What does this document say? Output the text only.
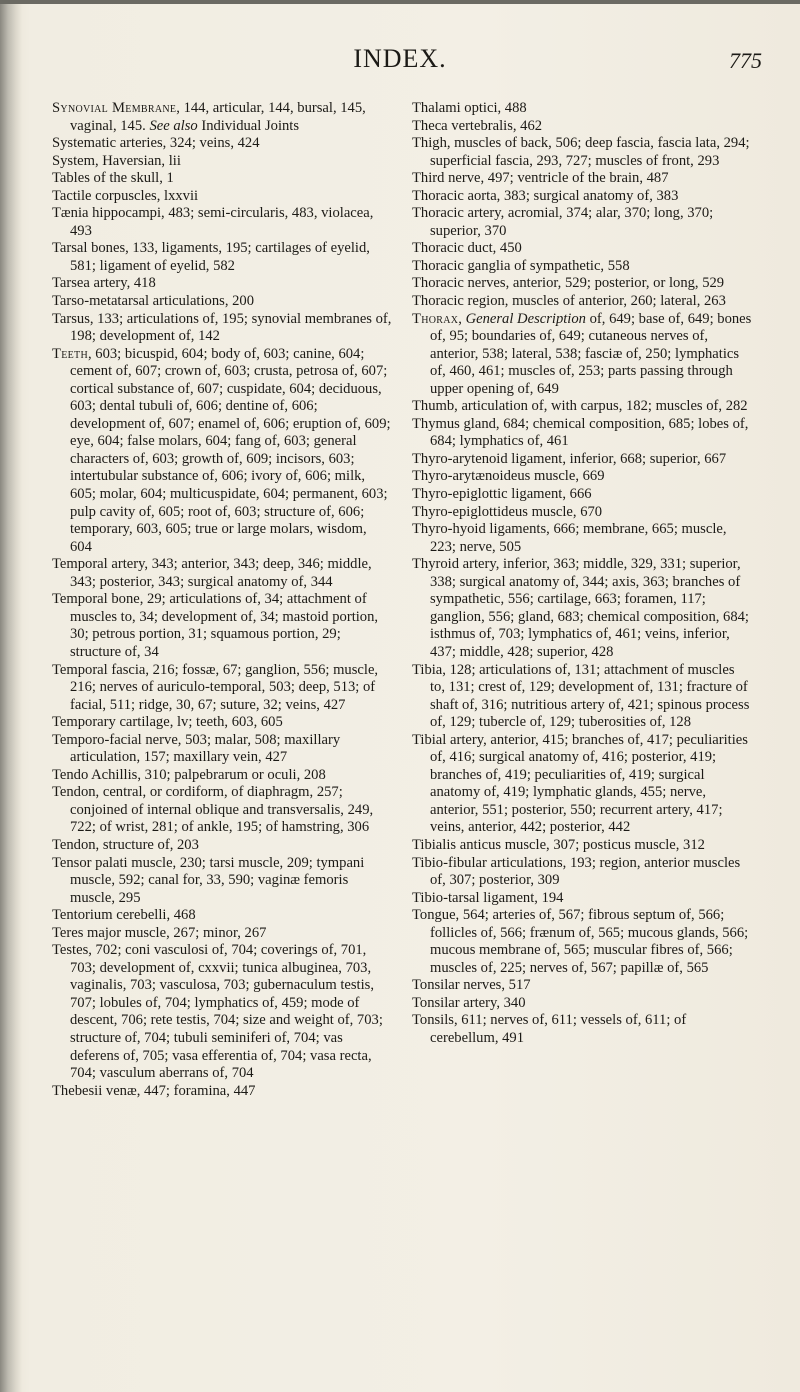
INDEX.	775

Synovial Membrane, 144, articular, 144, bursal, 145, vaginal, 145. See also Individual Joints

Systematic arteries, 324; veins, 424

System, Haversian, lii

Tables of the skull, 1

Tactile corpuscles, lxxvii

Tænia hippocampi, 483; semi-circularis, 483, violacea, 493

Tarsal bones, 133, ligaments, 195; cartilages of eyelid, 581; ligament of eyelid, 582

Tarsea artery, 418

Tarso-metatarsal articulations, 200

Tarsus, 133; articulations of, 195; synovial membranes of, 198; development of, 142

Teeth, 603; bicuspid, 604; body of, 603; canine, 604; cement of, 607; crown of, 603; crusta, petrosa of, 607; cortical substance of, 607; cuspidate, 604; deciduous, 603; dental tubuli of, 606; dentine of, 606; development of, 607; enamel of, 606; eruption of, 609; eye, 604; false molars, 604; fang of, 603; general characters of, 603; growth of, 609; incisors, 603; intertubular substance of, 606; ivory of, 606; milk, 605; molar, 604; multicuspidate, 604; permanent, 603; pulp cavity of, 605; root of, 603; structure of, 606; temporary, 603, 605; true or large molars, wisdom, 604

Temporal artery, 343; anterior, 343; deep, 346; middle, 343; posterior, 343; surgical anatomy of, 344

Temporal bone, 29; articulations of, 34; attachment of muscles to, 34; development of, 34; mastoid portion, 30; petrous portion, 31; squamous portion, 29; structure of, 34

Temporal fascia, 216; fossæ, 67; ganglion, 556; muscle, 216; nerves of auriculo-temporal, 503; deep, 513; of facial, 511; ridge, 30, 67; suture, 32; veins, 427

Temporary cartilage, lv; teeth, 603, 605

Temporo-facial nerve, 503; malar, 508; maxillary articulation, 157; maxillary vein, 427

Tendo Achillis, 310; palpebrarum or oculi, 208

Tendon, central, or cordiform, of diaphragm, 257; conjoined of internal oblique and transversalis, 249, 722; of wrist, 281; of ankle, 195; of hamstring, 306

Tendon, structure of, 203

Tensor palati muscle, 230; tarsi muscle, 209; tympani muscle, 592; canal for, 33, 590; vaginæ femoris muscle, 295

Tentorium cerebelli, 468

Teres major muscle, 267; minor, 267

Testes, 702; coni vasculosi of, 704; coverings of, 701, 703; development of, cxxvii; tunica albuginea, 703, vaginalis, 703; vasculosa, 703; gubernaculum testis, 707; lobules of, 704; lymphatics of, 459; mode of descent, 706; rete testis, 704; size and weight of, 703; structure of, 704; tubuli seminiferi of, 704; vas deferens of, 705; vasa efferentia of, 704; vasa recta, 704; vasculum aberrans of, 704

Thebesii venæ, 447; foramina, 447

Thalami optici, 488

Theca vertebralis, 462

Thigh, muscles of back, 506; deep fascia, fascia lata, 294; superficial fascia, 293, 727; muscles of front, 293

Third nerve, 497; ventricle of the brain, 487

Thoracic aorta, 383; surgical anatomy of, 383

Thoracic artery, acromial, 374; alar, 370; long, 370; superior, 370

Thoracic duct, 450

Thoracic ganglia of sympathetic, 558

Thoracic nerves, anterior, 529; posterior, or long, 529

Thoracic region, muscles of anterior, 260; lateral, 263

Thorax, General Description of, 649; base of, 649; bones of, 95; boundaries of, 649; cutaneous nerves of, anterior, 538; lateral, 538; fasciæ of, 250; lymphatics of, 460, 461; muscles of, 253; parts passing through upper opening of, 649

Thumb, articulation of, with carpus, 182; muscles of, 282

Thymus gland, 684; chemical composition, 685; lobes of, 684; lymphatics of, 461

Thyro-arytenoid ligament, inferior, 668; superior, 667

Thyro-arytænoideus muscle, 669

Thyro-epiglottic ligament, 666

Thyro-epiglottideus muscle, 670

Thyro-hyoid ligaments, 666; membrane, 665; muscle, 223; nerve, 505

Thyroid artery, inferior, 363; middle, 329, 331; superior, 338; surgical anatomy of, 344; axis, 363; branches of sympathetic, 556; cartilage, 663; foramen, 117; ganglion, 556; gland, 683; chemical composition, 684; isthmus of, 703; lymphatics of, 461; veins, inferior, 437; middle, 428; superior, 428

Tibia, 128; articulations of, 131; attachment of muscles to, 131; crest of, 129; development of, 131; fracture of shaft of, 316; nutritious artery of, 421; spinous process of, 129; tubercle of, 129; tuberosities of, 128

Tibial artery, anterior, 415; branches of, 417; peculiarities of, 416; surgical anatomy of, 416; posterior, 419; branches of, 419; peculiarities of, 419; surgical anatomy of, 419; lymphatic glands, 455; nerve, anterior, 551; posterior, 550; recurrent artery, 417; veins, anterior, 442; posterior, 442

Tibialis anticus muscle, 307; posticus muscle, 312

Tibio-fibular articulations, 193; region, anterior muscles of, 307; posterior, 309

Tibio-tarsal ligament, 194

Tongue, 564; arteries of, 567; fibrous septum of, 566; follicles of, 566; frænum of, 565; mucous glands, 566; mucous membrane of, 565; muscular fibres of, 566; muscles of, 225; nerves of, 567; papillæ of, 565

Tonsilar nerves, 517

Tonsilar artery, 340

Tonsils, 611; nerves of, 611; vessels of, 611; of cerebellum, 491
